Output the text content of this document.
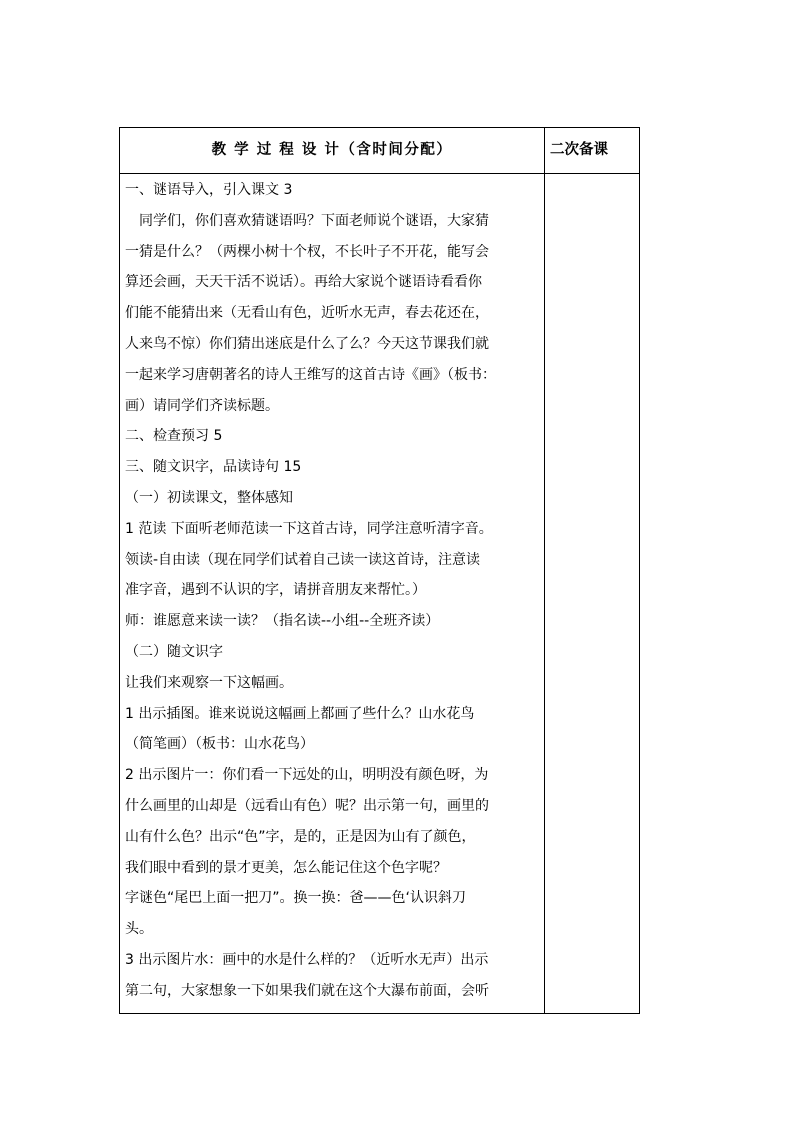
教 学 过 程 设 计（含时间分配）	二次备课
一、谜语导入，引入课文 3
　同学们，你们喜欢猜谜语吗？下面老师说个谜语，大家猜
一猜是什么？（两棵小树十个杈，不长叶子不开花，能写会
算还会画，天天干活不说话）。再给大家说个谜语诗看看你
们能不能猜出来（无看山有色，近听水无声，春去花还在，
人来鸟不惊）你们猜出迷底是什么了么？今天这节课我们就
一起来学习唐朝著名的诗人王维写的这首古诗《画》（板书：
画）请同学们齐读标题。
二、检查预习 5
三、随文识字，品读诗句 15
（一）初读课文，整体感知
1 范读 下面听老师范读一下这首古诗，同学注意听清字音。
领读-自由读（现在同学们试着自己读一读这首诗，注意读
准字音，遇到不认识的字，请拼音朋友来帮忙。）
师：谁愿意来读一读？（指名读--小组--全班齐读）
（二）随文识字
让我们来观察一下这幅画。
1 出示插图。谁来说说这幅画上都画了些什么？山水花鸟
（简笔画）（板书：山水花鸟）
2 出示图片一：你们看一下远处的山，明明没有颜色呀，为
什么画里的山却是（远看山有色）呢？出示第一句，画里的
山有什么色？出示“色”字，是的，正是因为山有了颜色，
我们眼中看到的景才更美，怎么能记住这个色字呢？
字谜色“尾巴上面一把刀”。换一换：爸——色‘认识斜刀
头。
3 出示图片水：画中的水是什么样的？（近听水无声）出示
第二句，大家想象一下如果我们就在这个大瀑布前面，会听
